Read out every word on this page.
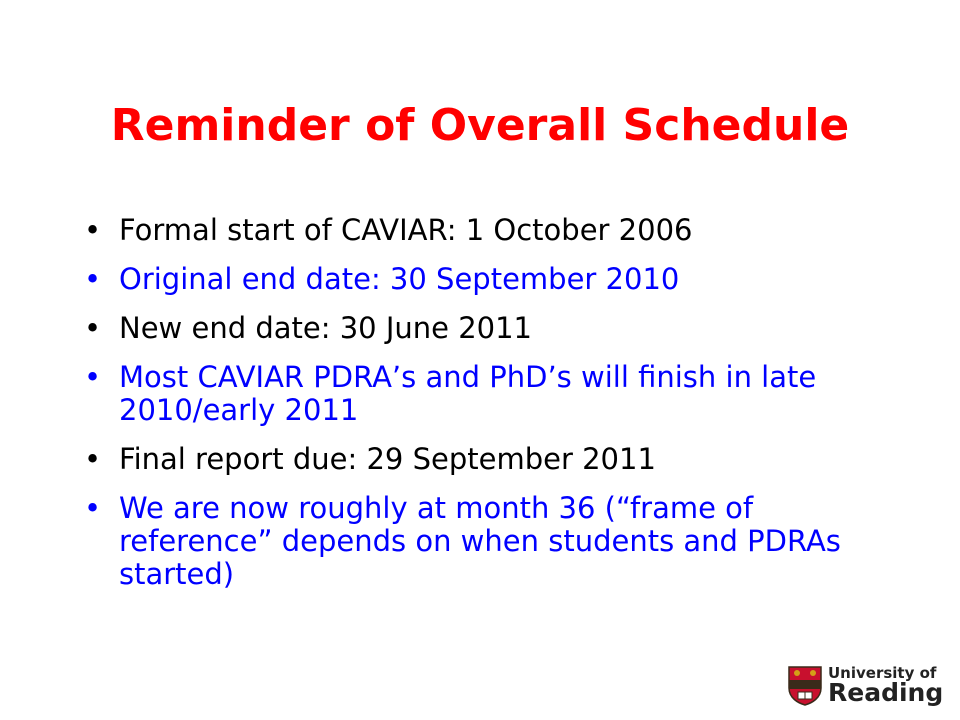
Reminder of Overall Schedule
• Formal start of CAVIAR: 1 October 2006
• Original end date: 30 September 2010
• New end date: 30 June 2011
• Most CAVIAR PDRA’s and PhD’s will finish in late 2010/early 2011
• Final report due: 29 September 2011
• We are now roughly at month 36 (“frame of reference” depends on when students and PDRAs started)
University of
Reading
